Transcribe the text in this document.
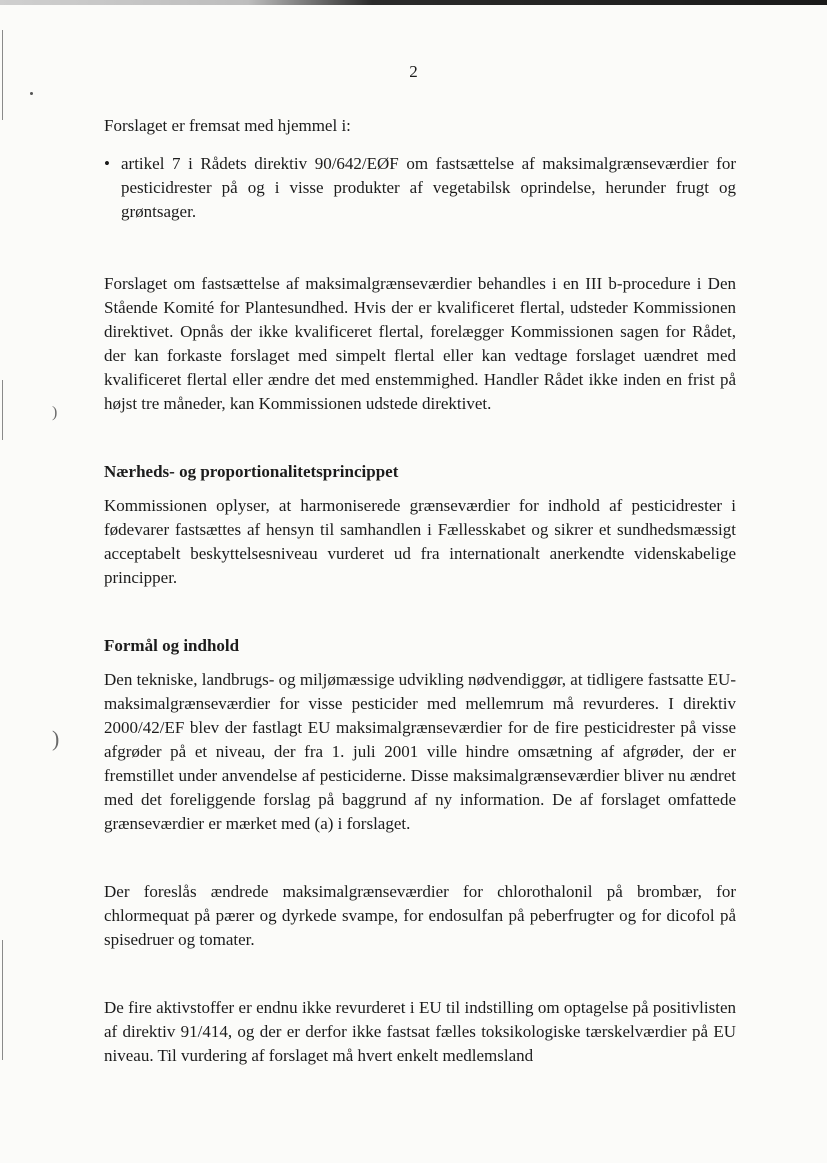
)
)
2

Forslaget er fremsat med hjemmel i:

• artikel 7 i Rådets direktiv 90/642/EØF om fastsættelse af maksimalgrænseværdier for pesticidrester på og i visse produkter af vegetabilsk oprindelse, herunder frugt og grøntsager.

Forslaget om fastsættelse af maksimalgrænseværdier behandles i en III b-procedure i Den Stående Komité for Plantesundhed. Hvis der er kvalificeret flertal, udsteder Kommissionen direktivet. Opnås der ikke kvalificeret flertal, forelægger Kommissionen sagen for Rådet, der kan forkaste forslaget med simpelt flertal eller kan vedtage forslaget uændret med kvalificeret flertal eller ændre det med enstemmighed. Handler Rådet ikke inden en frist på højst tre måneder, kan Kommissionen udstede direktivet.

Nærheds- og proportionalitetsprincippet

Kommissionen oplyser, at harmoniserede grænseværdier for indhold af pesticidrester i fødevarer fastsættes af hensyn til samhandlen i Fællesskabet og sikrer et sundhedsmæssigt acceptabelt beskyttelsesniveau vurderet ud fra internationalt anerkendte videnskabelige principper.

Formål og indhold

Den tekniske, landbrugs- og miljømæssige udvikling nødvendiggør, at tidligere fastsatte EU-maksimalgrænseværdier for visse pesticider med mellemrum må revurderes. I direktiv 2000/42/EF blev der fastlagt EU maksimalgrænseværdier for de fire pesticidrester på visse afgrøder på et niveau, der fra 1. juli 2001 ville hindre omsætning af afgrøder, der er fremstillet under anvendelse af pesticiderne. Disse maksimalgrænseværdier bliver nu ændret med det foreliggende forslag på baggrund af ny information. De af forslaget omfattede grænseværdier er mærket med (a) i forslaget.

Der foreslås ændrede maksimalgrænseværdier for chlorothalonil på brombær, for chlormequat på pærer og dyrkede svampe, for endosulfan på peberfrugter og for dicofol på spisedruer og tomater.

De fire aktivstoffer er endnu ikke revurderet i EU til indstilling om optagelse på positivlisten af direktiv 91/414, og der er derfor ikke fastsat fælles toksikologiske tærskelværdier på EU niveau. Til vurdering af forslaget må hvert enkelt medlemsland
